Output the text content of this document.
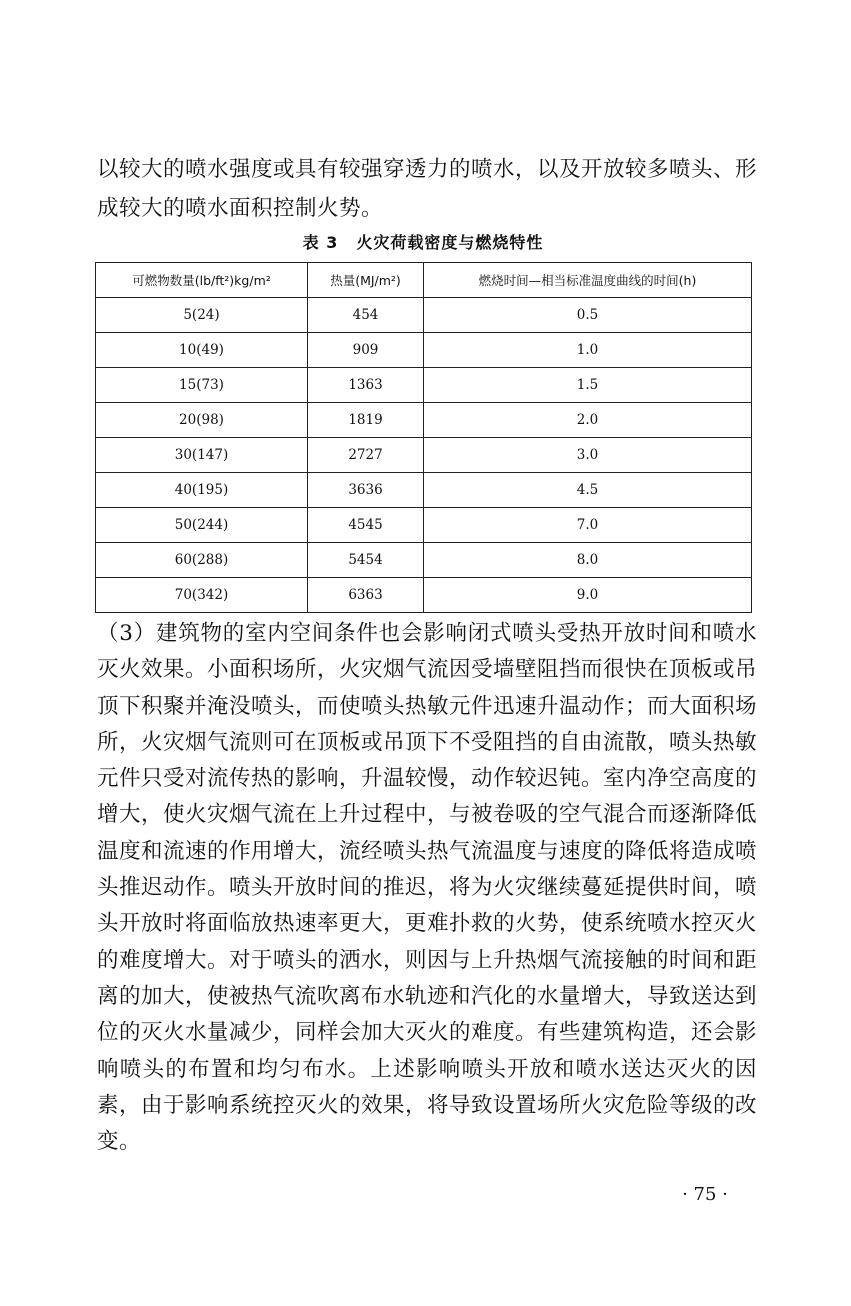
以较大的喷水强度或具有较强穿透力的喷水，以及开放较多喷头、形成较大的喷水面积控制火势。

表 3 火灾荷载密度与燃烧特性
可燃物数量(lb/ft²)kg/m²	热量(MJ/m²)	燃烧时间—相当标准温度曲线的时间(h)
5(24)	454	0.5
10(49)	909	1.0
15(73)	1363	1.5
20(98)	1819	2.0
30(147)	2727	3.0
40(195)	3636	4.5
50(244)	4545	7.0
60(288)	5454	8.0
70(342)	6363	9.0

（3）建筑物的室内空间条件也会影响闭式喷头受热开放时间和喷水灭火效果。小面积场所，火灾烟气流因受墙壁阻挡而很快在顶板或吊顶下积聚并淹没喷头，而使喷头热敏元件迅速升温动作；而大面积场所，火灾烟气流则可在顶板或吊顶下不受阻挡的自由流散，喷头热敏元件只受对流传热的影响，升温较慢，动作较迟钝。室内净空高度的增大，使火灾烟气流在上升过程中，与被卷吸的空气混合而逐渐降低温度和流速的作用增大，流经喷头热气流温度与速度的降低将造成喷头推迟动作。喷头开放时间的推迟，将为火灾继续蔓延提供时间，喷头开放时将面临放热速率更大，更难扑救的火势，使系统喷水控灭火的难度增大。对于喷头的洒水，则因与上升热烟气流接触的时间和距离的加大，使被热气流吹离布水轨迹和汽化的水量增大，导致送达到位的灭火水量减少，同样会加大灭火的难度。有些建筑构造，还会影响喷头的布置和均匀布水。上述影响喷头开放和喷水送达灭火的因素，由于影响系统控灭火的效果，将导致设置场所火灾危险等级的改变。

· 75 ·
